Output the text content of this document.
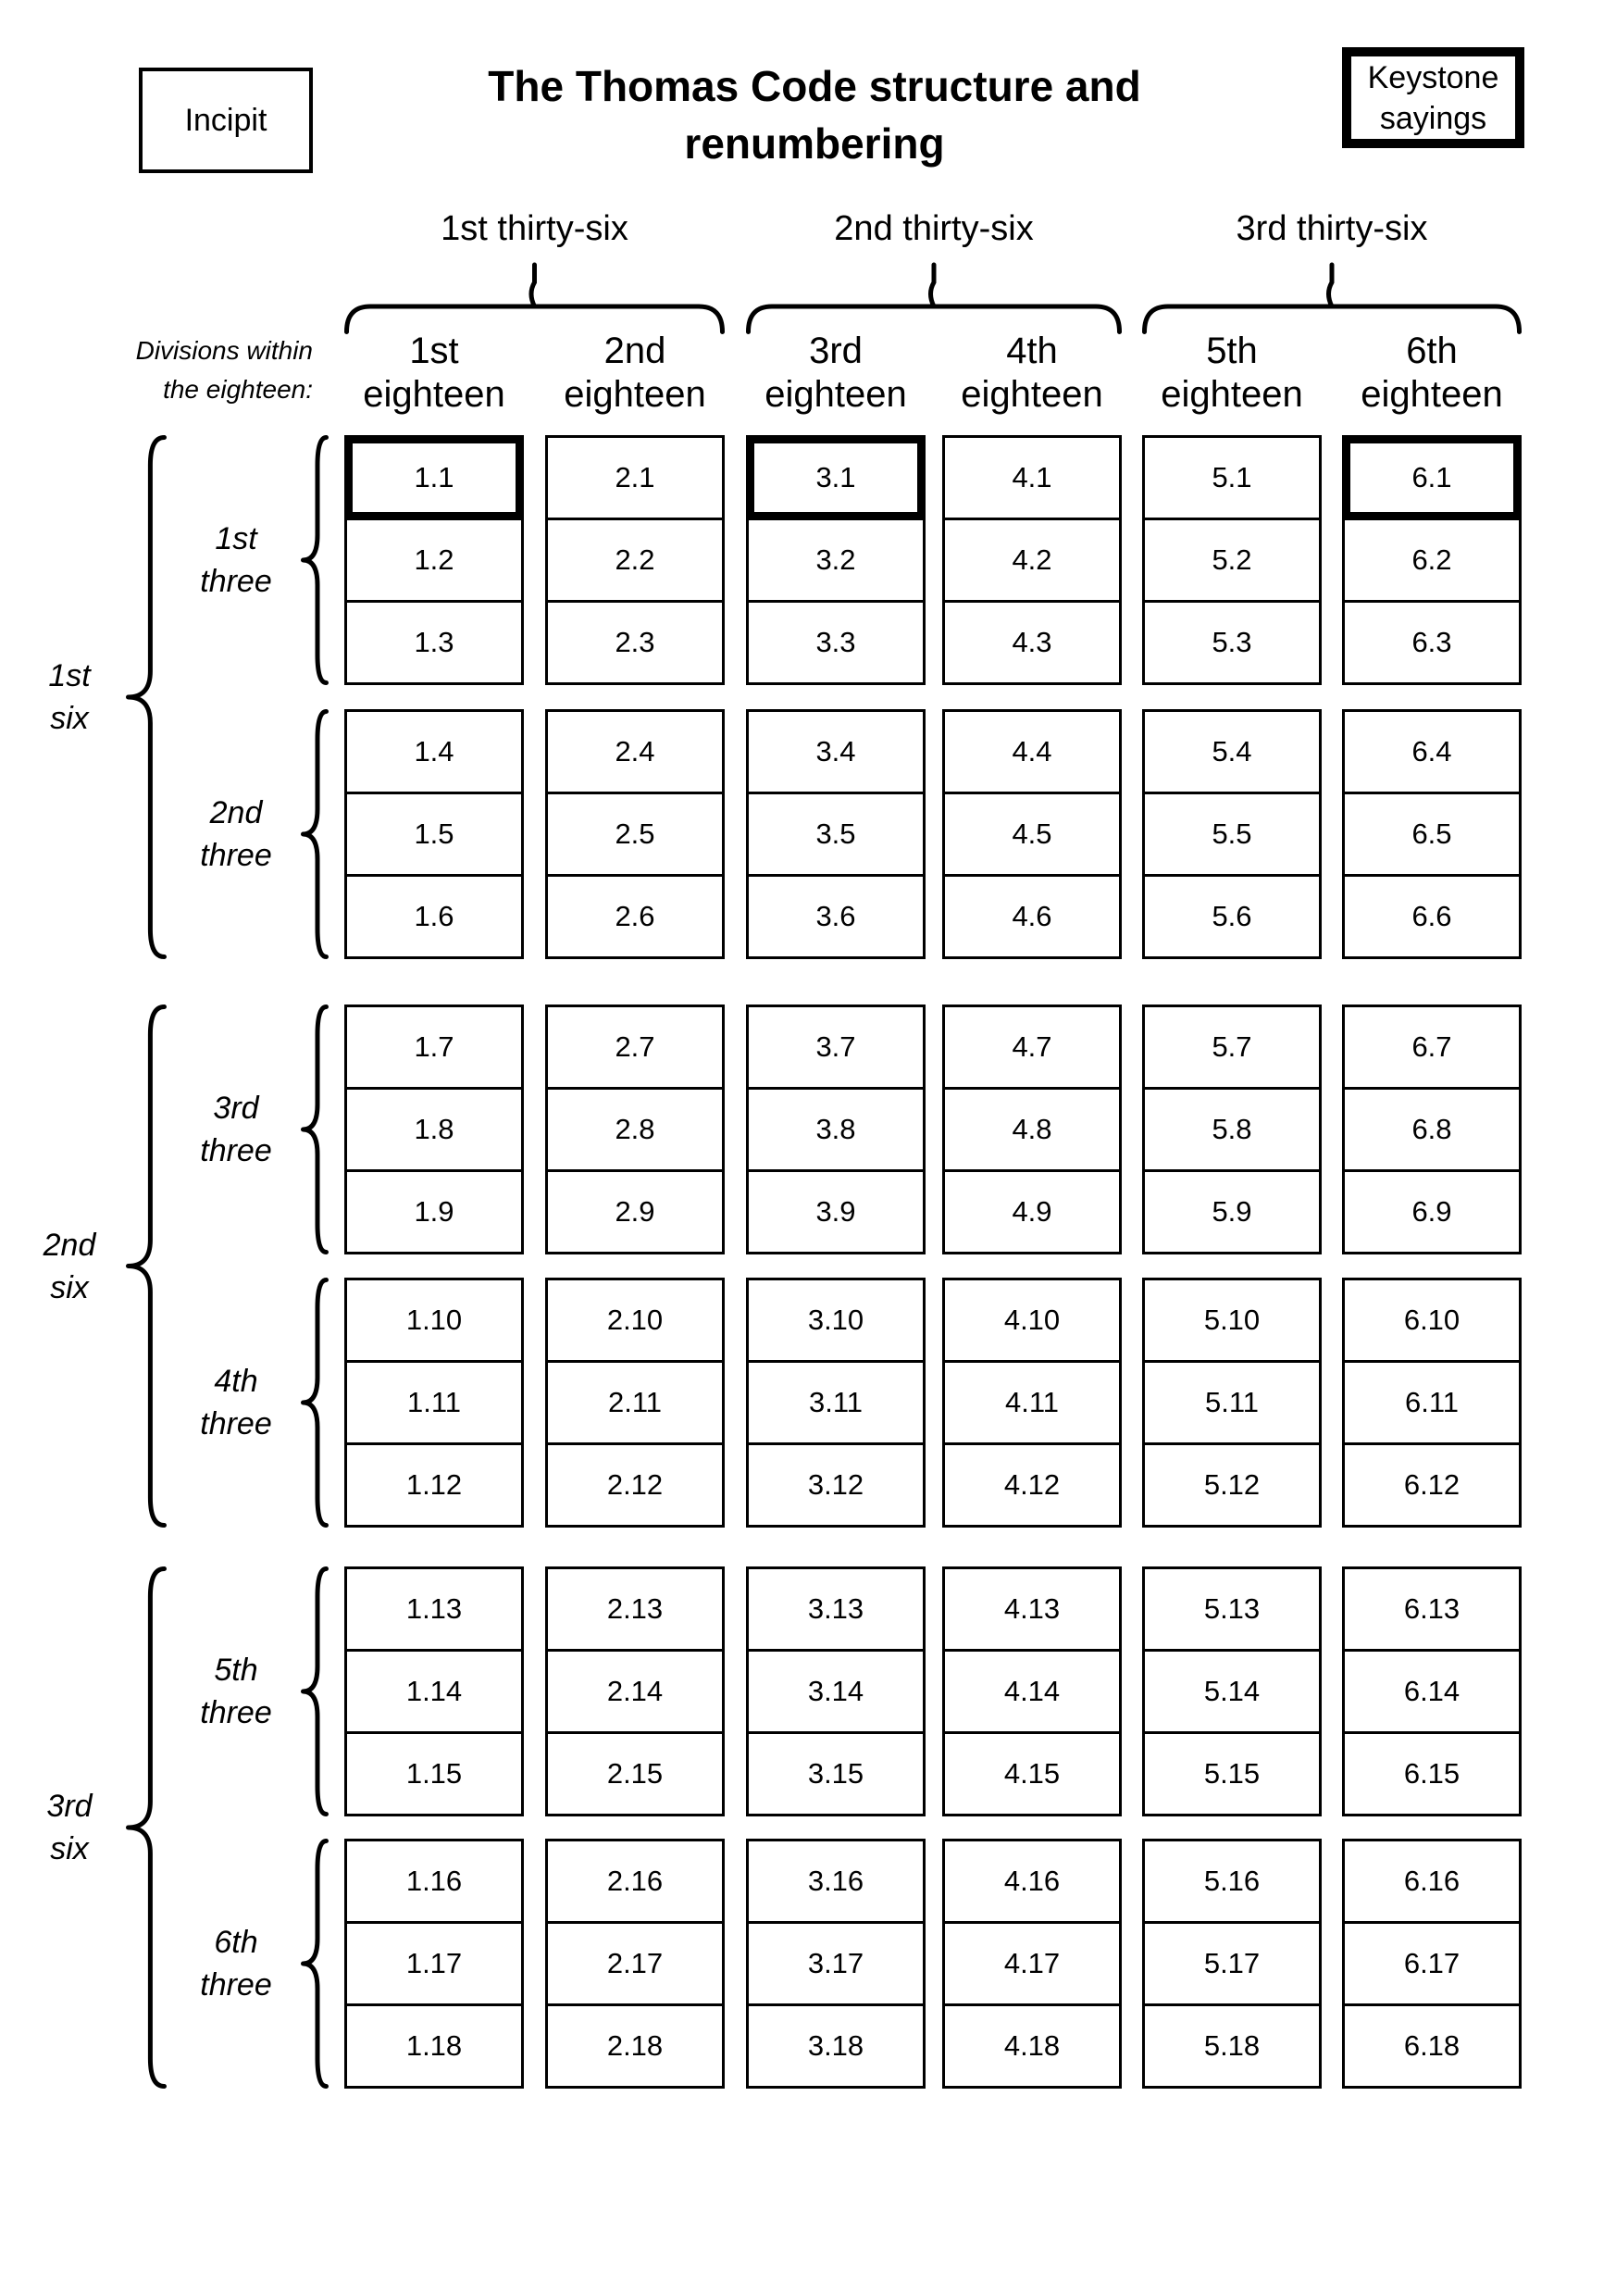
Incipit
The Thomas Code structure and
renumbering
Keystone
sayings
Divisions within
the eighteen:
1st thirty-six	2nd thirty-six	3rd thirty-six
1st
eighteen
2nd
eighteen
3rd
eighteen
4th
eighteen
5th
eighteen
6th
eighteen
1st
six
2nd
six
3rd
six
1st
three
2nd
three
3rd
three
4th
three
5th
three
6th
three
1.1
1.2
1.3
1.4
1.5
1.6
1.7
1.8
1.9
1.10
1.11
1.12
1.13
1.14
1.15
1.16
1.17
1.18
2.1
2.2
2.3
2.4
2.5
2.6
2.7
2.8
2.9
2.10
2.11
2.12
2.13
2.14
2.15
2.16
2.17
2.18
3.1
3.2
3.3
3.4
3.5
3.6
3.7
3.8
3.9
3.10
3.11
3.12
3.13
3.14
3.15
3.16
3.17
3.18
4.1
4.2
4.3
4.4
4.5
4.6
4.7
4.8
4.9
4.10
4.11
4.12
4.13
4.14
4.15
4.16
4.17
4.18
5.1
5.2
5.3
5.4
5.5
5.6
5.7
5.8
5.9
5.10
5.11
5.12
5.13
5.14
5.15
5.16
5.17
5.18
6.1
6.2
6.3
6.4
6.5
6.6
6.7
6.8
6.9
6.10
6.11
6.12
6.13
6.14
6.15
6.16
6.17
6.18
